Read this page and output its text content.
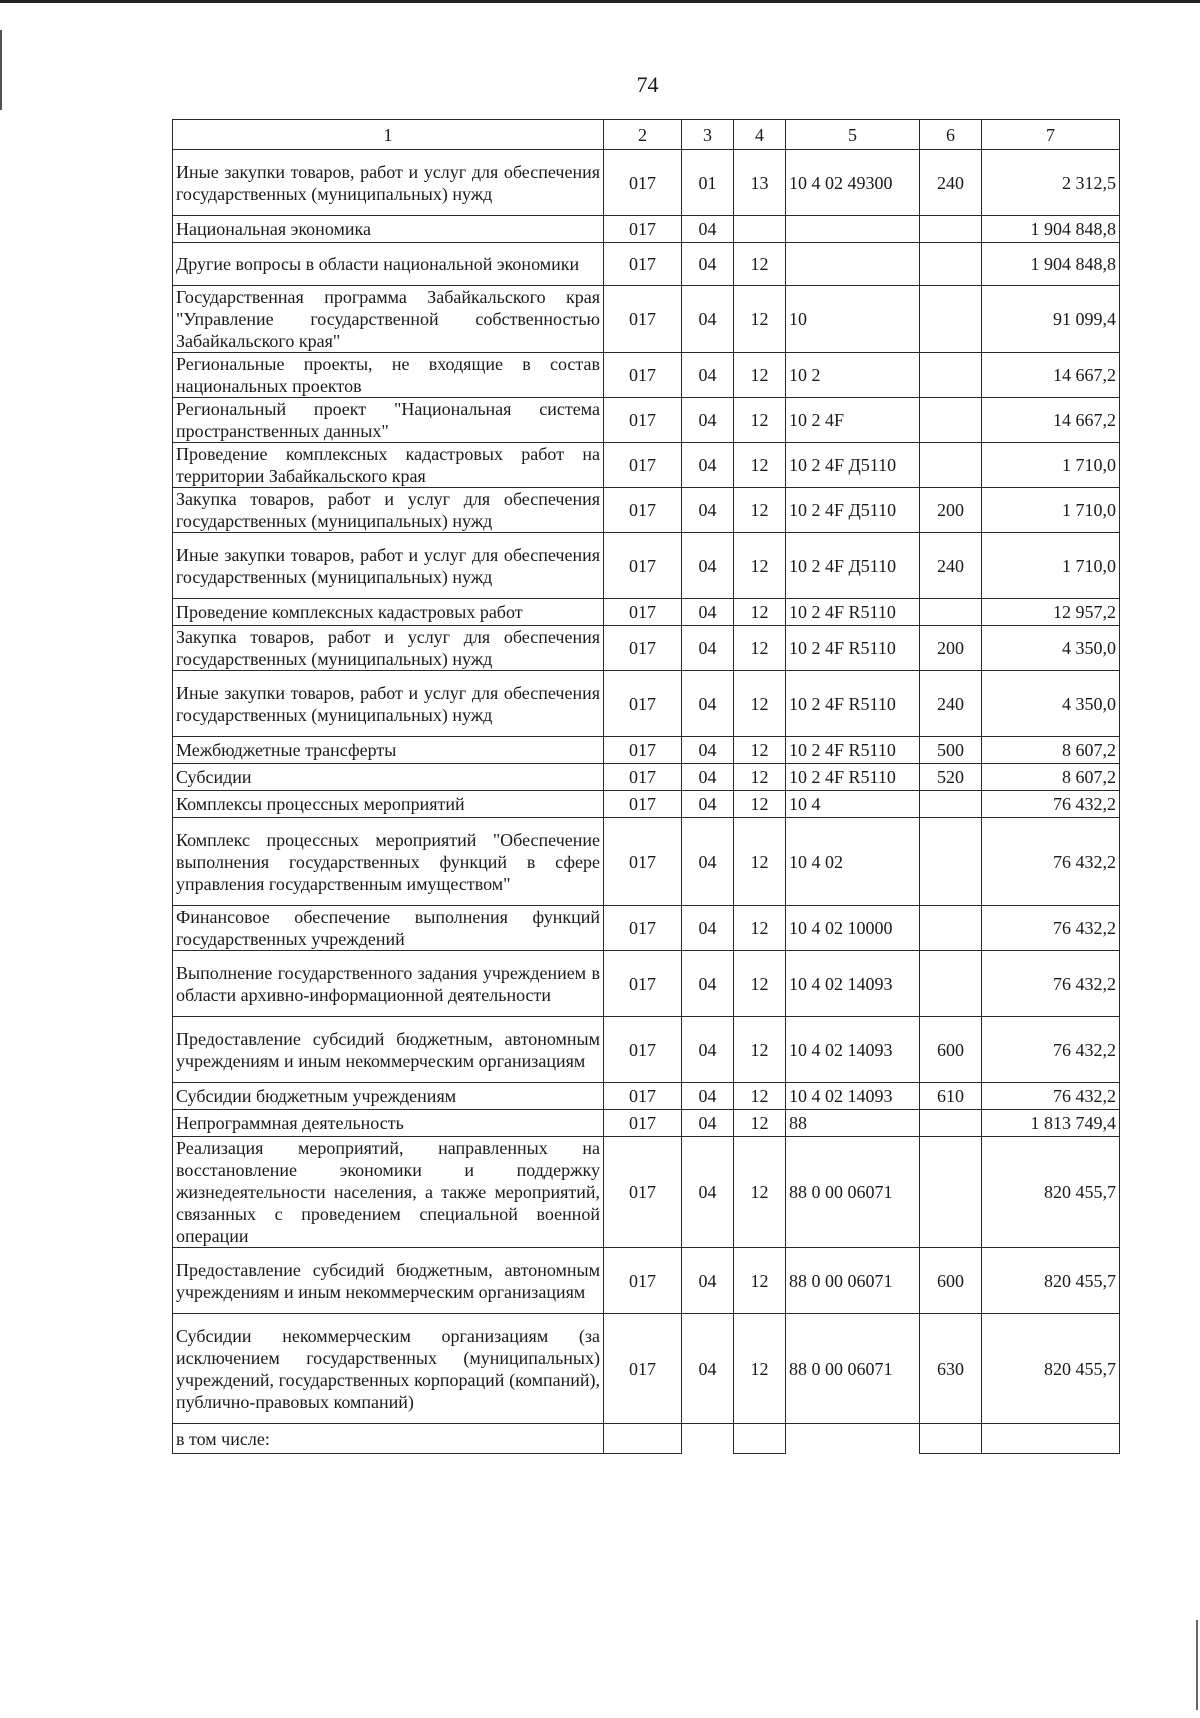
74
1	2	3	4	5	6	7
Иные закупки товаров, работ и услуг для обеспечения государственных (муниципальных) нужд	017	01	13	10 4 02 49300	240	2 312,5
Национальная экономика	017	04				1 904 848,8
Другие вопросы в области национальной экономики	017	04	12			1 904 848,8
Государственная программа Забайкальского края "Управление государственной собственностью Забайкальского края"	017	04	12	10		91 099,4
Региональные проекты, не входящие в состав национальных проектов	017	04	12	10 2		14 667,2
Региональный проект "Национальная система пространственных данных"	017	04	12	10 2 4F		14 667,2
Проведение комплексных кадастровых работ на территории Забайкальского края	017	04	12	10 2 4F Д5110		1 710,0
Закупка товаров, работ и услуг для обеспечения государственных (муниципальных) нужд	017	04	12	10 2 4F Д5110	200	1 710,0
Иные закупки товаров, работ и услуг для обеспечения государственных (муниципальных) нужд	017	04	12	10 2 4F Д5110	240	1 710,0
Проведение комплексных кадастровых работ	017	04	12	10 2 4F R5110		12 957,2
Закупка товаров, работ и услуг для обеспечения государственных (муниципальных) нужд	017	04	12	10 2 4F R5110	200	4 350,0
Иные закупки товаров, работ и услуг для обеспечения государственных (муниципальных) нужд	017	04	12	10 2 4F R5110	240	4 350,0
Межбюджетные трансферты	017	04	12	10 2 4F R5110	500	8 607,2
Субсидии	017	04	12	10 2 4F R5110	520	8 607,2
Комплексы процессных мероприятий	017	04	12	10 4		76 432,2
Комплекс процессных мероприятий "Обеспечение выполнения государственных функций в сфере управления государственным имуществом"	017	04	12	10 4 02		76 432,2
Финансовое обеспечение выполнения функций государственных учреждений	017	04	12	10 4 02 10000		76 432,2
Выполнение государственного задания учреждением в области архивно-информационной деятельности	017	04	12	10 4 02 14093		76 432,2
Предоставление субсидий бюджетным, автономным учреждениям и иным некоммерческим организациям	017	04	12	10 4 02 14093	600	76 432,2
Субсидии бюджетным учреждениям	017	04	12	10 4 02 14093	610	76 432,2
Непрограммная деятельность	017	04	12	88		1 813 749,4
Реализация мероприятий, направленных на восстановление экономики и поддержку жизнедеятельности населения, а также мероприятий, связанных с проведением специальной военной операции	017	04	12	88 0 00 06071		820 455,7
Предоставление субсидий бюджетным, автономным учреждениям и иным некоммерческим организациям	017	04	12	88 0 00 06071	600	820 455,7
Субсидии некоммерческим организациям (за исключением государственных (муниципальных) учреждений, государственных корпораций (компаний), публично-правовых компаний)	017	04	12	88 0 00 06071	630	820 455,7
в том числе:						
